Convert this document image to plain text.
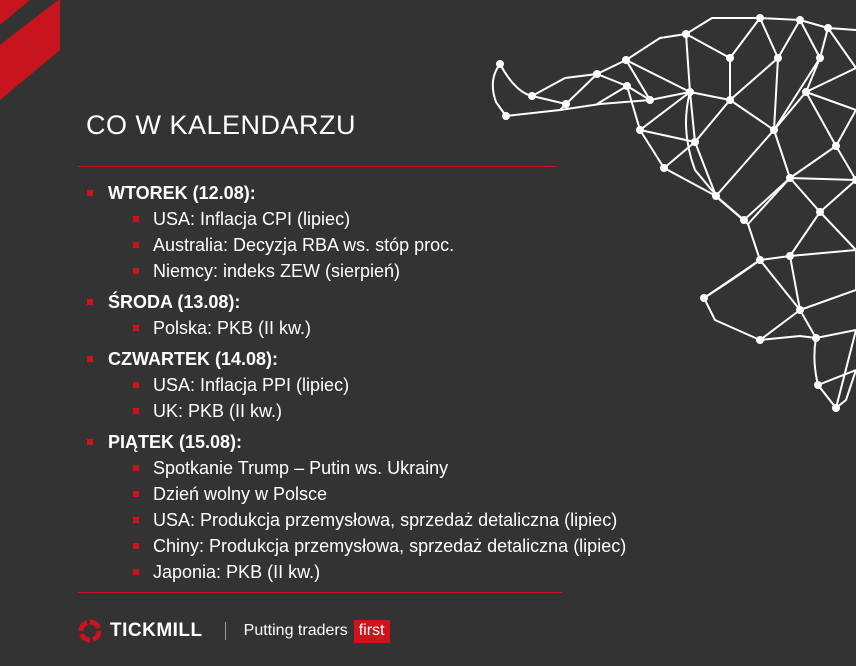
CO W KALENDARZU
WTOREK (12.08):
USA: Inflacja CPI (lipiec)
Australia: Decyzja RBA ws. stóp proc.
Niemcy: indeks ZEW (sierpień)
ŚRODA (13.08):
Polska: PKB (II kw.)
CZWARTEK (14.08):
USA: Inflacja PPI (lipiec)
UK: PKB (II kw.)
PIĄTEK (15.08):
Spotkanie Trump – Putin ws. Ukrainy
Dzień wolny w Polsce
USA: Produkcja przemysłowa, sprzedaż detaliczna (lipiec)
Chiny: Produkcja przemysłowa, sprzedaż detaliczna (lipiec)
Japonia: PKB (II kw.)
TICKMILL	Putting traders first
